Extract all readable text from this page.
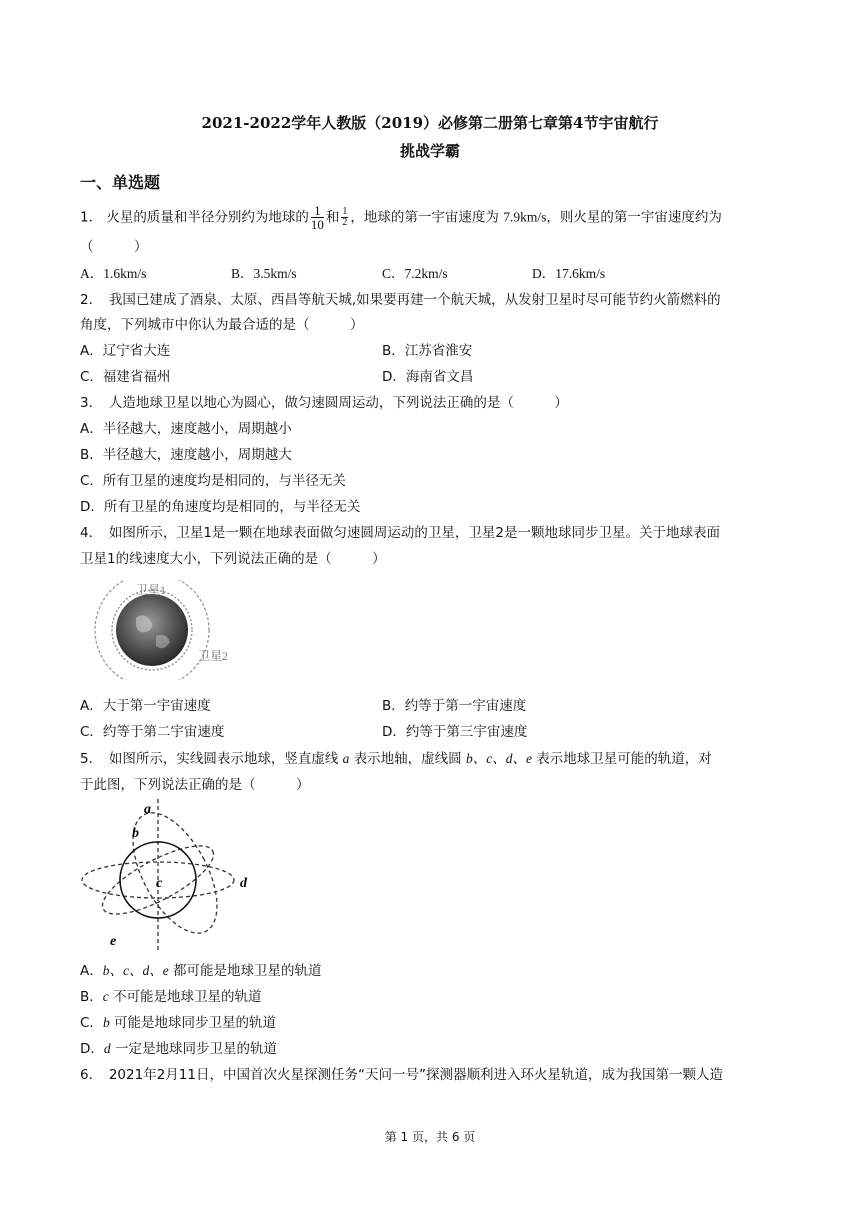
2021-2022学年人教版（2019）必修第二册第七章第4节宇宙航行
挑战学霸
一、单选题
1． 火星的质量和半径分别约为地球的 $\frac{1}{10}$ 和 $\frac{1}{2}$ ，地球的第一宇宙速度为 7.9km/s，则火星的第一宇宙速度约为
（　　　）
A．1.6km/s	B．3.5km/s	C．7.2km/s	D．17.6km/s
2．　我国已建成了酒泉、太原、西昌等航天城,如果要再建一个航天城，从发射卫星时尽可能节约火箭燃料的
角度，下列城市中你认为最合适的是（　　　）
A．辽宁省大连	B．江苏省淮安
C．福建省福州	D．海南省文昌
3．　人造地球卫星以地心为圆心，做匀速圆周运动，下列说法正确的是（　　　）
A．半径越大，速度越小，周期越小
B．半径越大，速度越小，周期越大
C．所有卫星的速度均是相同的，与半径无关
D．所有卫星的角速度均是相同的，与半径无关
4．　如图所示，卫星1是一颗在地球表面做匀速圆周运动的卫星，卫星2是一颗地球同步卫星。关于地球表面
卫星1的线速度大小，下列说法正确的是（　　　）
卫星1
卫星2
A．大于第一宇宙速度	B．约等于第一宇宙速度
C．约等于第二宇宙速度	D．约等于第三宇宙速度
5．　如图所示，实线圆表示地球，竖直虚线 a 表示地轴，虚线圆 b、c、d、e 表示地球卫星可能的轨道，对
于此图，下列说法正确的是（　　　）
a
b
c	d
e
A．b、c、d、e 都可能是地球卫星的轨道
B．c 不可能是地球卫星的轨道
C．b 可能是地球同步卫星的轨道
D．d 一定是地球同步卫星的轨道
6．　2021年2月11日，中国首次火星探测任务“天问一号”探测器顺利进入环火星轨道，成为我国第一颗人造
第 1 页，共 6 页
